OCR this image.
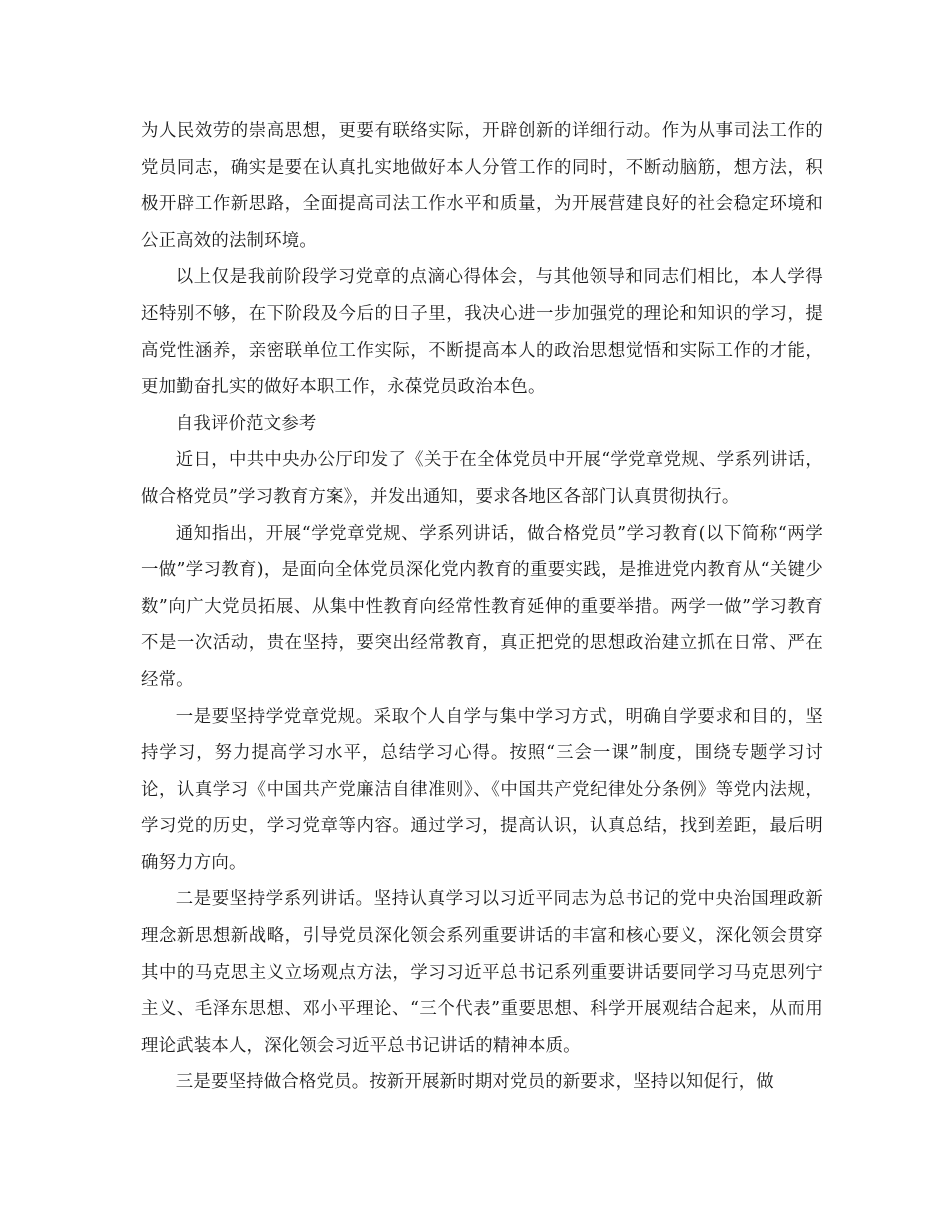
为人民效劳的崇高思想，更要有联络实际，开辟创新的详细行动。作为从事司法工作的党员同志，确实是要在认真扎实地做好本人分管工作的同时，不断动脑筋，想方法，积极开辟工作新思路，全面提高司法工作水平和质量，为开展营建良好的社会稳定环境和公正高效的法制环境。

以上仅是我前阶段学习党章的点滴心得体会，与其他领导和同志们相比，本人学得还特别不够，在下阶段及今后的日子里，我决心进一步加强党的理论和知识的学习，提高党性涵养，亲密联单位工作实际，不断提高本人的政治思想觉悟和实际工作的才能，更加勤奋扎实的做好本职工作，永葆党员政治本色。

自我评价范文参考

近日，中共中央办公厅印发了《关于在全体党员中开展“学党章党规、学系列讲话，做合格党员”学习教育方案》，并发出通知，要求各地区各部门认真贯彻执行。

通知指出，开展“学党章党规、学系列讲话，做合格党员”学习教育(以下简称“两学一做”学习教育)，是面向全体党员深化党内教育的重要实践，是推进党内教育从“关键少数”向广大党员拓展、从集中性教育向经常性教育延伸的重要举措。两学一做”学习教育不是一次活动，贵在坚持，要突出经常教育，真正把党的思想政治建立抓在日常、严在经常。

一是要坚持学党章党规。采取个人自学与集中学习方式，明确自学要求和目的，坚持学习，努力提高学习水平，总结学习心得。按照“三会一课”制度，围绕专题学习讨论，认真学习《中国共产党廉洁自律准则》、《中国共产党纪律处分条例》等党内法规，学习党的历史，学习党章等内容。通过学习，提高认识，认真总结，找到差距，最后明确努力方向。

二是要坚持学系列讲话。坚持认真学习以习近平同志为总书记的党中央治国理政新理念新思想新战略，引导党员深化领会系列重要讲话的丰富和核心要义，深化领会贯穿其中的马克思主义立场观点方法，学习习近平总书记系列重要讲话要同学习马克思列宁主义、毛泽东思想、邓小平理论、“三个代表”重要思想、科学开展观结合起来，从而用理论武装本人，深化领会习近平总书记讲话的精神本质。

三是要坚持做合格党员。按新开展新时期对党员的新要求，坚持以知促行，做
